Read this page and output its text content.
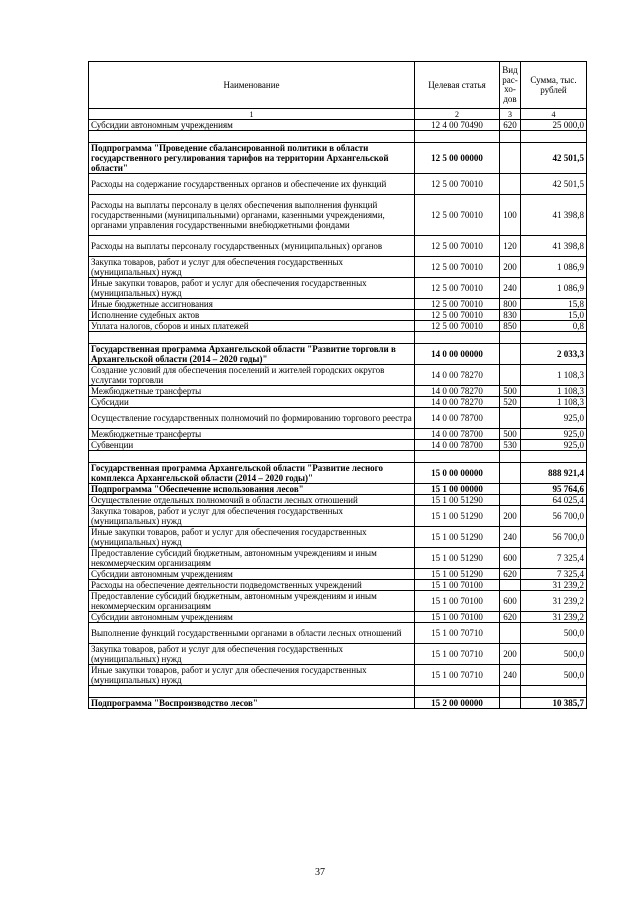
Наименование	Целевая статья	Вид рас- хо- дов	Сумма, тыс. рублей
1	2	3	4
Субсидии автономным учреждениям	12 4 00 70490	620	25 000,0

Подпрограмма "Проведение сбалансированной политики в области государственного регулирования тарифов на территории Архангельской области"	12 5 00 00000		42 501,5
Расходы на содержание государственных органов и обеспечение их функций	12 5 00 70010		42 501,5
Расходы на выплаты персоналу в целях обеспечения выполнения функций государственными (муниципальными) органами, казенными учреждениями, органами управления государственными внебюджетными фондами	12 5 00 70010	100	41 398,8
Расходы на выплаты персоналу государственных (муниципальных) органов	12 5 00 70010	120	41 398,8
Закупка товаров, работ и услуг для обеспечения государственных (муниципальных) нужд	12 5 00 70010	200	1 086,9
Иные закупки товаров, работ и услуг для обеспечения государственных (муниципальных) нужд	12 5 00 70010	240	1 086,9
Иные бюджетные ассигнования	12 5 00 70010	800	15,8
Исполнение судебных актов	12 5 00 70010	830	15,0
Уплата налогов, сборов и иных платежей	12 5 00 70010	850	0,8

Государственная программа Архангельской области "Развитие торговли в Архангельской области (2014 – 2020 годы)"	14 0 00 00000		2 033,3
Создание условий для обеспечения поселений и жителей городских округов услугами торговли	14 0 00 78270		1 108,3
Межбюджетные трансферты	14 0 00 78270	500	1 108,3
Субсидии	14 0 00 78270	520	1 108,3
Осуществление государственных полномочий по формированию торгового реестра	14 0 00 78700		925,0
Межбюджетные трансферты	14 0 00 78700	500	925,0
Субвенции	14 0 00 78700	530	925,0

Государственная программа Архангельской области "Развитие лесного комплекса Архангельской области (2014 – 2020 годы)"	15 0 00 00000		888 921,4
Подпрограмма "Обеспечение использования лесов"	15 1 00 00000		95 764,6
Осуществление отдельных полномочий в области лесных отношений	15 1 00 51290		64 025,4
Закупка товаров, работ и услуг для обеспечения государственных (муниципальных) нужд	15 1 00 51290	200	56 700,0
Иные закупки товаров, работ и услуг для обеспечения государственных (муниципальных) нужд	15 1 00 51290	240	56 700,0
Предоставление субсидий бюджетным, автономным учреждениям и иным некоммерческим организациям	15 1 00 51290	600	7 325,4
Субсидии автономным учреждениям	15 1 00 51290	620	7 325,4
Расходы на обеспечение деятельности подведомственных учреждений	15 1 00 70100		31 239,2
Предоставление субсидий бюджетным, автономным учреждениям и иным некоммерческим организациям	15 1 00 70100	600	31 239,2
Субсидии автономным учреждениям	15 1 00 70100	620	31 239,2
Выполнение функций государственными органами в области лесных отношений	15 1 00 70710		500,0
Закупка товаров, работ и услуг для обеспечения государственных (муниципальных) нужд	15 1 00 70710	200	500,0
Иные закупки товаров, работ и услуг для обеспечения государственных (муниципальных) нужд	15 1 00 70710	240	500,0

Подпрограмма "Воспроизводство лесов"	15 2 00 00000		10 385,7
37
